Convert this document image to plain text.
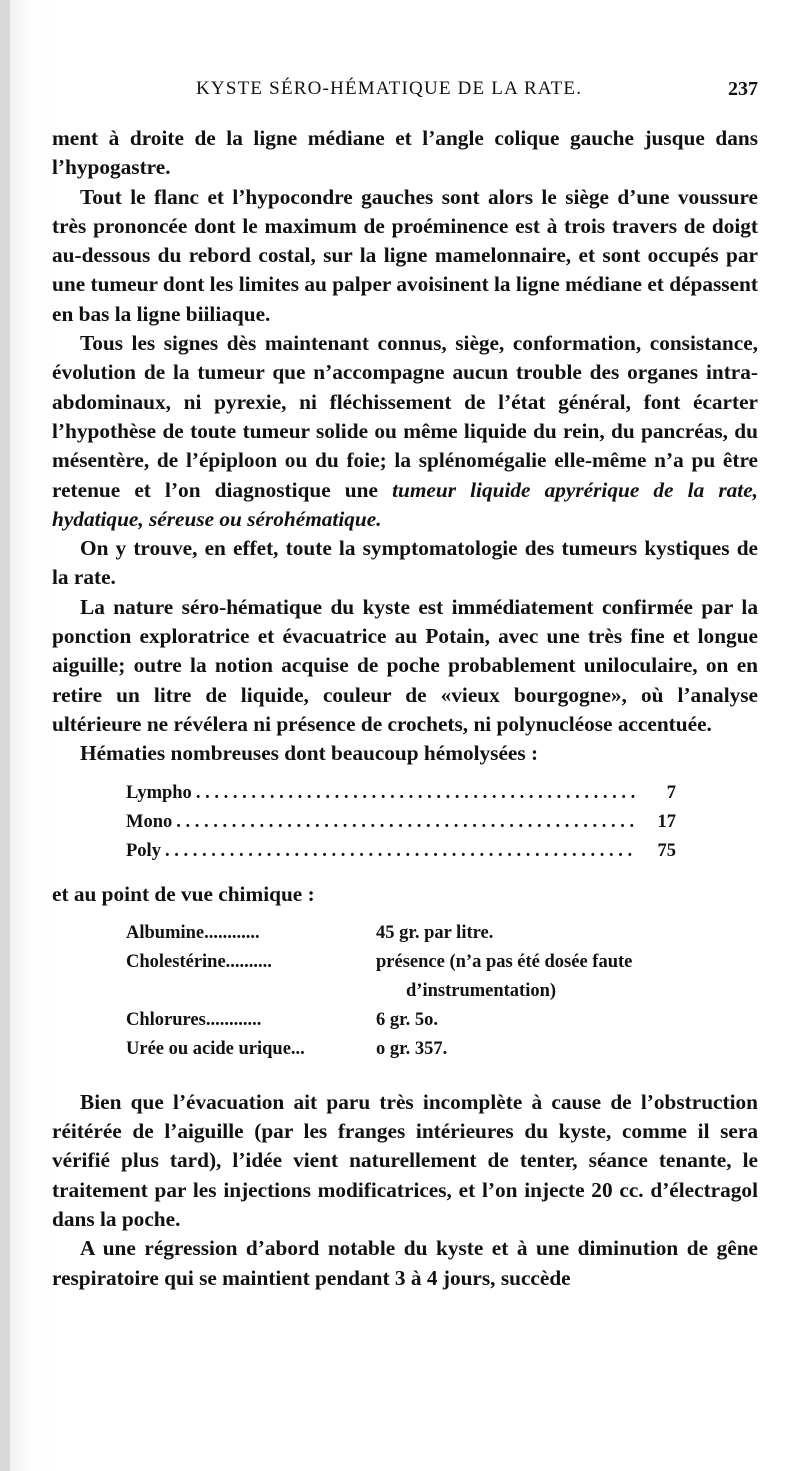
KYSTE SÉRO-HÉMATIQUE DE LA RATE.	237

ment à droite de la ligne médiane et l’angle colique gauche jusque dans l’hypogastre.

Tout le flanc et l’hypocondre gauches sont alors le siège d’une voussure très prononcée dont le maximum de proéminence est à trois travers de doigt au-dessous du rebord costal, sur la ligne mamelonnaire, et sont occupés par une tumeur dont les limites au palper avoisinent la ligne médiane et dépassent en bas la ligne biiliaque.

Tous les signes dès maintenant connus, siège, conformation, consistance, évolution de la tumeur que n’accompagne aucun trouble des organes intra-abdominaux, ni pyrexie, ni fléchissement de l’état général, font écarter l’hypothèse de toute tumeur solide ou même liquide du rein, du pancréas, du mésentère, de l’épiploon ou du foie; la splénomégalie elle-même n’a pu être retenue et l’on diagnostique une tumeur liquide apyrérique de la rate, hydatique, séreuse ou sérohématique.

On y trouve, en effet, toute la symptomatologie des tumeurs kystiques de la rate.

La nature séro-hématique du kyste est immédiatement confirmée par la ponction exploratrice et évacuatrice au Potain, avec une très fine et longue aiguille; outre la notion acquise de poche probablement uniloculaire, on en retire un litre de liquide, couleur de «vieux bourgogne», où l’analyse ultérieure ne révélera ni présence de crochets, ni polynucléose accentuée.

Hématies nombreuses dont beaucoup hémolysées :

Lympho . . .	7
Mono . . .	17
Poly . . .	75

et au point de vue chimique :

Albumine............	45 gr. par litre.
Cholestérine..........	présence (n’a pas été dosée faute
d’instrumentation)
Chlorures............	6 gr. 5o.
Urée ou acide urique...	o gr. 357.

Bien que l’évacuation ait paru très incomplète à cause de l’obstruction réitérée de l’aiguille (par les franges intérieures du kyste, comme il sera vérifié plus tard), l’idée vient naturellement de tenter, séance tenante, le traitement par les injections modificatrices, et l’on injecte 20 cc. d’électragol dans la poche.

A une régression d’abord notable du kyste et à une diminution de gêne respiratoire qui se maintient pendant 3 à 4 jours, succède
